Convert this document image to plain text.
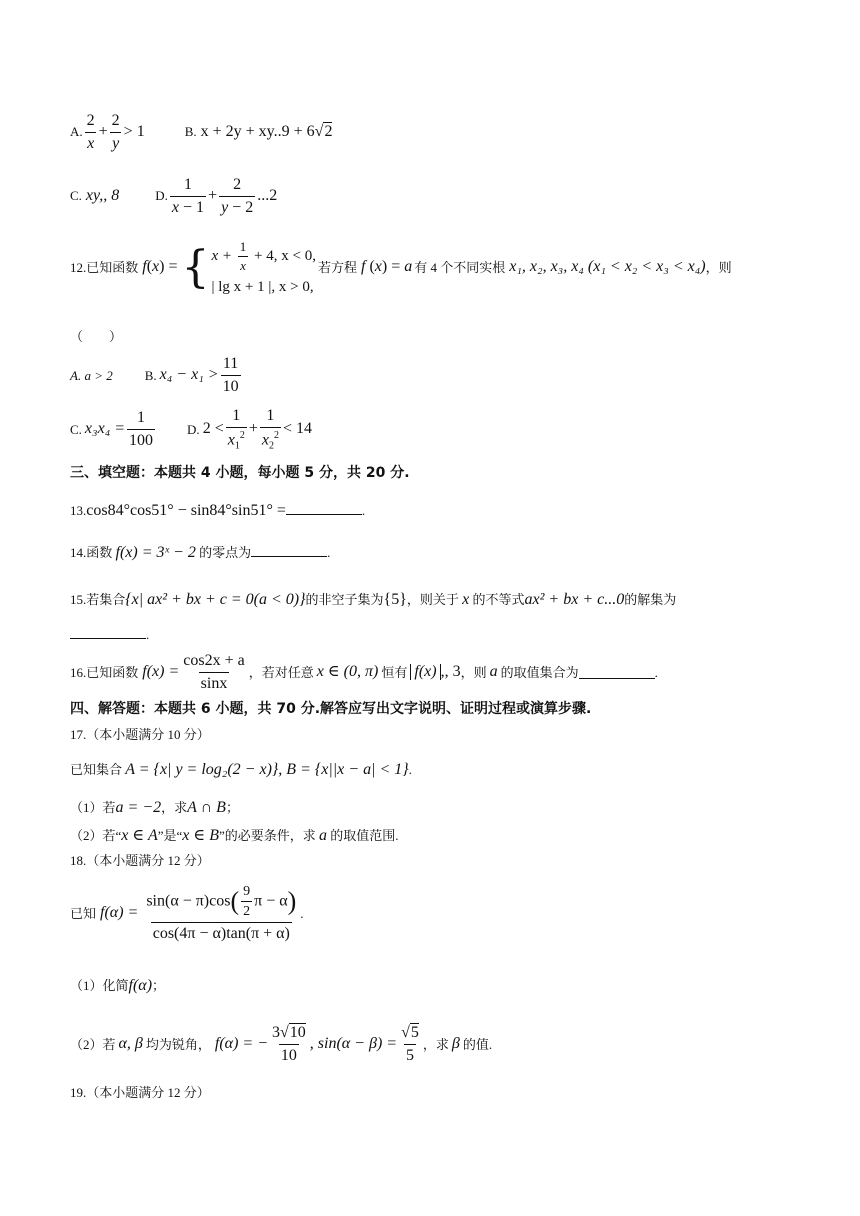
A. $\frac{2}{x} + \frac{2}{y} > 1$	B. x + 2y + xy..9 + 6√2
C. xy,, 8	D. $\frac{1}{x - 1} + \frac{2}{y - 2} ...2$
12.已知函数 f(x) = { $x + \frac{1}{x} + 4$, x < 0,
| lg x + 1 |, x > 0,
若方程 f (x) = a 有 4 个不同实根 x₁, x₂, x₃, x₄ (x₁ < x₂ < x₃ < x₄) ，则
（　　）
A. a > 2 B. $x_4 - x_1 > \frac{11}{10}$
C. $x_3x_4 = \frac{1}{100} D$. $2 < \frac{1}{x_1^2} + \frac{1}{x_2^2} < 14$
三、填空题：本题共 4 小题，每小题 5 分，共 20 分.
13.cos84°cos51° − sin84°sin51° =	.
14.函数 f(x) = 3ˣ − 2 的零点为	.
15.若集合{x| ax² + bx + c = 0(a < 0)}的非空子集为{5}，则关于 x 的不等式ax² + bx + c...0的解集为
.
16.已知函数 $f(x) = \frac{\cos 2x + a}{\sin x}$ ，若对任意 x ∈ (0, π) 恒有 f(x) ,, 3 ，则 a 的取值集合为	.
四、解答题：本题共 6 小题，共 70 分.解答应写出文字说明、证明过程或演算步骤.
17.（本小题满分 10 分）
已知集合 A = {x| y = log₂(2 − x)}, B = {x||x − a| < 1}.
（1）若a = −2，求A ∩ B；
（2）若“x ∈ A”是“x ∈ B”的必要条件，求 a 的取值范围.
18.（本小题满分 12 分）
已知 $f(\alpha) = \frac{\sin(\alpha - \pi)\cos( \frac{9}{2} \pi - \alpha)}{\cos(4\pi - \alpha)\tan(\pi + \alpha)}$ .
（1）化简f(α)；
（2）若 α, β 均为锐角， f(α) = − $\frac{3√10}{10}$ , $\sin(\alpha - \beta) = \frac{√5}{5}$ ，求 β 的值.
19.（本小题满分 12 分）
